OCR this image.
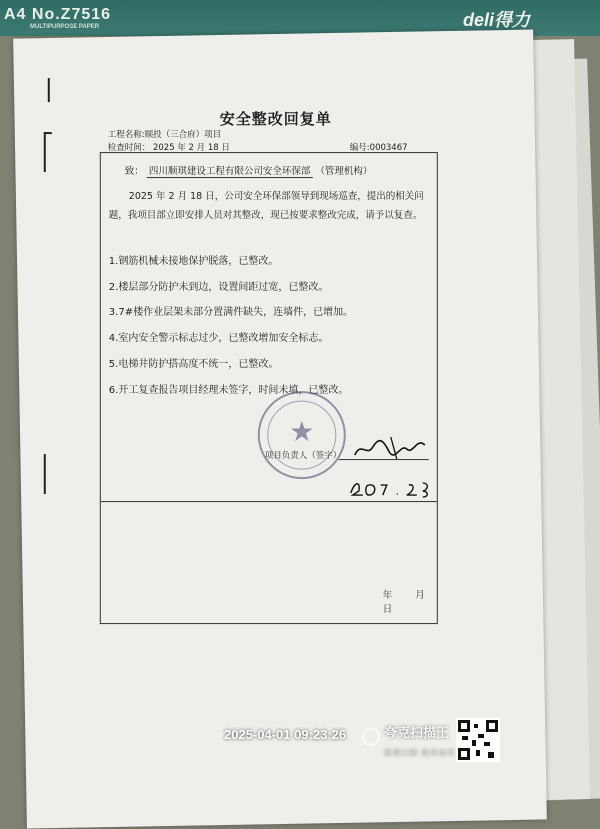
A4 No.Z7516
MULTIPURPOSE PAPER	deli得力
安全整改回复单
工程名称:顺投（三合府）项目
检查时间： 2025 年 2 月 18 日	编号:0003467
致： 四川顺琪建设工程有限公司安全环保部 （管理机构）
2025 年 2 月 18 日，公司安全环保部领导到现场巡查，提出的相关问题，我项目部立即安排人员对其整改，现已按要求整改完成，请予以复查。
1.钢筋机械未接地保护脱落，已整改。
2.楼层部分防护未到边，设置间距过宽，已整改。
3.7#楼作业层架未部分置满件缺失，连墙件，已增加。
4.室内安全警示标志过少，已整改增加安全标志。
5.电梯井防护搭高度不统一，已整改。
6.开工复查报告项目经理未签字，时间未填，已整改。
★
项目负责人（签字）
年 月 日
2025-04-01 09:23:26	夸克扫描王
极速扫描 就是高效
